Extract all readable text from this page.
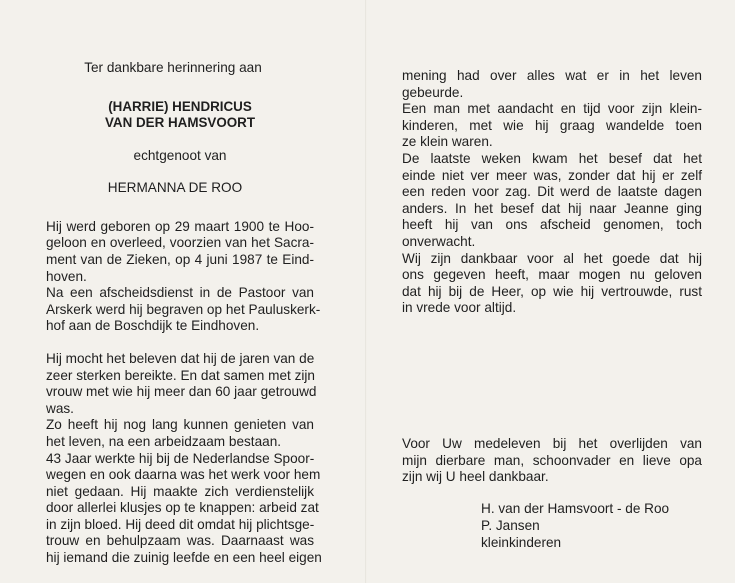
Ter dankbare herinnering aan

(HARRIE) HENDRICUS

VAN DER HAMSVOORT

echtgenoot van

HERMANNA DE ROO

Hij werd geboren op 29 maart 1900 te Hoo-

geloon en overleed, voorzien van het Sacra-

ment van de Zieken, op 4 juni 1987 te Eind-

hoven.

Na een afscheidsdienst in de Pastoor van

Arskerk werd hij begraven op het Pauluskerk-

hof aan de Boschdijk te Eindhoven.

Hij mocht het beleven dat hij de jaren van de

zeer sterken bereikte. En dat samen met zijn

vrouw met wie hij meer dan 60 jaar getrouwd

was.

Zo heeft hij nog lang kunnen genieten van

het leven, na een arbeidzaam bestaan.

43 Jaar werkte hij bij de Nederlandse Spoor-

wegen en ook daarna was het werk voor hem

niet gedaan. Hij maakte zich verdienstelijk

door allerlei klusjes op te knappen: arbeid zat

in zijn bloed. Hij deed dit omdat hij plichtsge-

trouw en behulpzaam was. Daarnaast was

hij iemand die zuinig leefde en een heel eigen

mening had over alles wat er in het leven

gebeurde.

Een man met aandacht en tijd voor zijn klein-

kinderen, met wie hij graag wandelde toen

ze klein waren.

De laatste weken kwam het besef dat het

einde niet ver meer was, zonder dat hij er zelf

een reden voor zag. Dit werd de laatste dagen

anders. In het besef dat hij naar Jeanne ging

heeft hij van ons afscheid genomen, toch

onverwacht.

Wij zijn dankbaar voor al het goede dat hij

ons gegeven heeft, maar mogen nu geloven

dat hij bij de Heer, op wie hij vertrouwde, rust

in vrede voor altijd.

Voor Uw medeleven bij het overlijden van

mijn dierbare man, schoonvader en lieve opa

zijn wij U heel dankbaar.

H. van der Hamsvoort - de Roo

P. Jansen

kleinkinderen
